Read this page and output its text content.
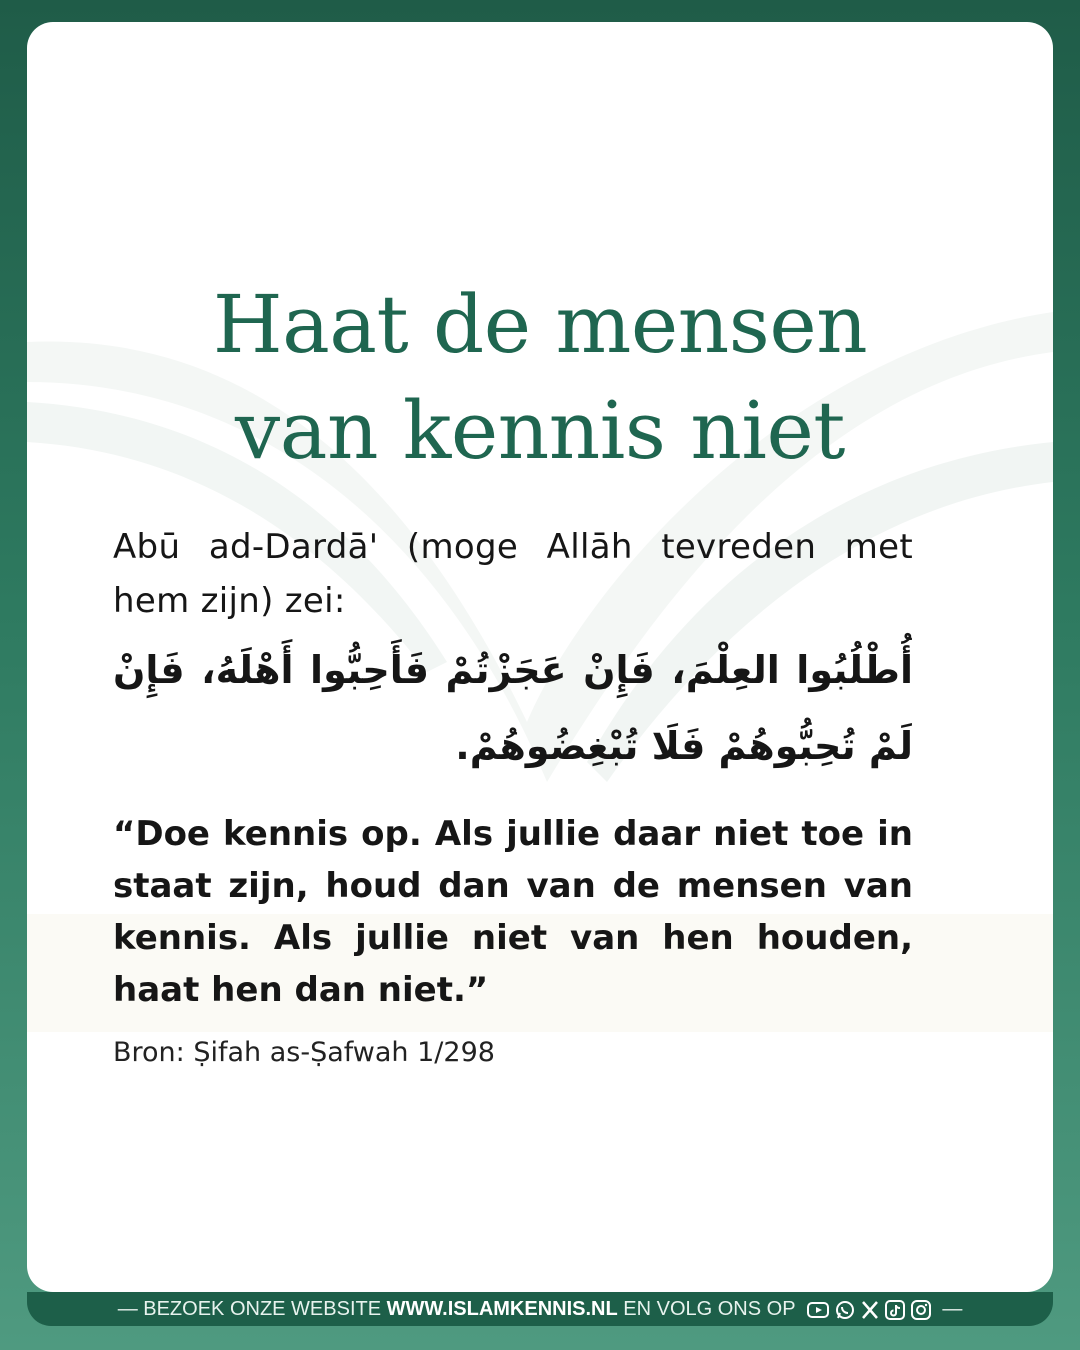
Haat de mensen
van kennis niet
Abū ad-Dardā' (moge Allāh tevreden met hem zijn) zei:
أُطْلُبُوا العِلْمَ، فَإِنْ عَجَزْتُمْ فَأَحِبُّوا أَهْلَهُ، فَإِنْ لَمْ تُحِبُّوهُمْ فَلَا تُبْغِضُوهُمْ.
“Doe kennis op. Als jullie daar niet toe in staat zijn, houd dan van de mensen van kennis. Als jullie niet van hen houden, haat hen dan niet.”
Bron: Ṣifah as-Ṣafwah 1/298
— BEZOEK ONZE WEBSITE WWW.ISLAMKENNIS.NL EN VOLG ONS OP	—
